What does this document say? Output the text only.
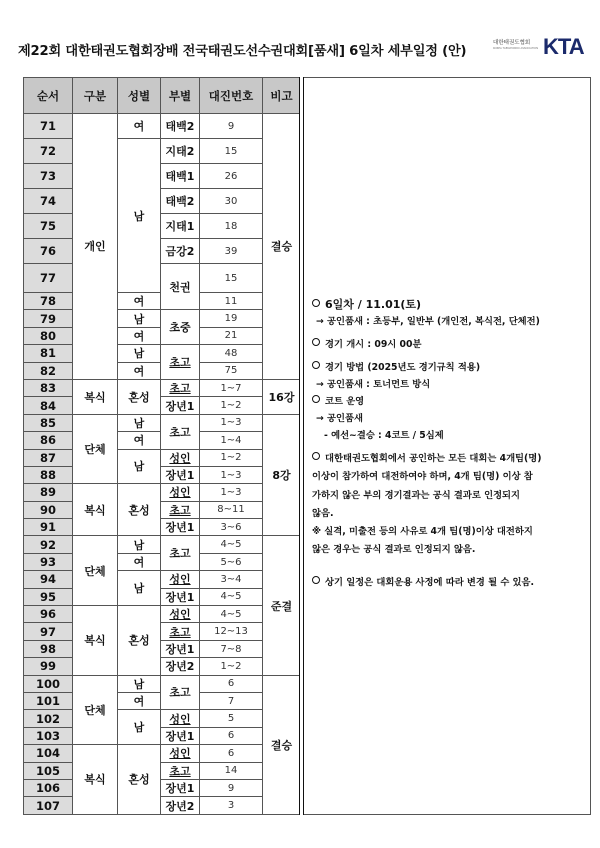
제22회 대한태권도협회장배 전국태권도선수권대회[품새] 6일차 세부일정 (안)
대한태권도협회
KOREA TAEKWONDO ASSOCIATION KTA
순서	구분	성별	부별	대진번호	비고
71	개인	여	태백2	9	결승
72		남	지태2	15	
73			태백1	26	
74			태백2	30	
75			지태1	18	
76			금강2	39	
77			천권	15	
78		여		11	
79		남	초중	19	
80		여		21	
81		남	초고	48	
82		여		75	
83	복식	혼성	초고	1~7	16강
84			장년1	1~2	
85	단체	남	초고	1~3	8강
86		여		1~4	
87		남	성인	1~2	
88			장년1	1~3	
89	복식	혼성	성인	1~3	
90			초고	8~11	
91			장년1	3~6	
92	단체	남	초고	4~5	준결
93		여		5~6	
94		남	성인	3~4	
95			장년1	4~5	
96	복식	혼성	성인	4~5	
97			초고	12~13	
98			장년1	7~8	
99			장년2	1~2	
100	단체	남	초고	6	결승
101		여		7	
102		남	성인	5	
103			장년1	6	
104	복식	혼성	성인	6	
105			초고	14	
106			장년1	9	
107			장년2	3	
6일차 / 11.01(토)
→ 공인품새 : 초등부, 일반부 (개인전, 복식전, 단체전)
경기 개시 : 09시 00분
경기 방법 (2025년도 경기규칙 적용)
→ 공인품새 : 토너먼트 방식
코트 운영
→ 공인품새
- 예선~결승 : 4코트 / 5심제
대한태권도협회에서 공인하는 모든 대회는 4개팀(명)
이상이 참가하여 대전하여야 하며, 4개 팀(명) 이상 참
가하지 않은 부의 경기결과는 공식 결과로 인정되지
않음.
※ 실격, 미출전 등의 사유로 4개 팀(명)이상 대전하지
않은 경우는 공식 결과로 인정되지 않음.
상기 일정은 대회운용 사정에 따라 변경 될 수 있음.
